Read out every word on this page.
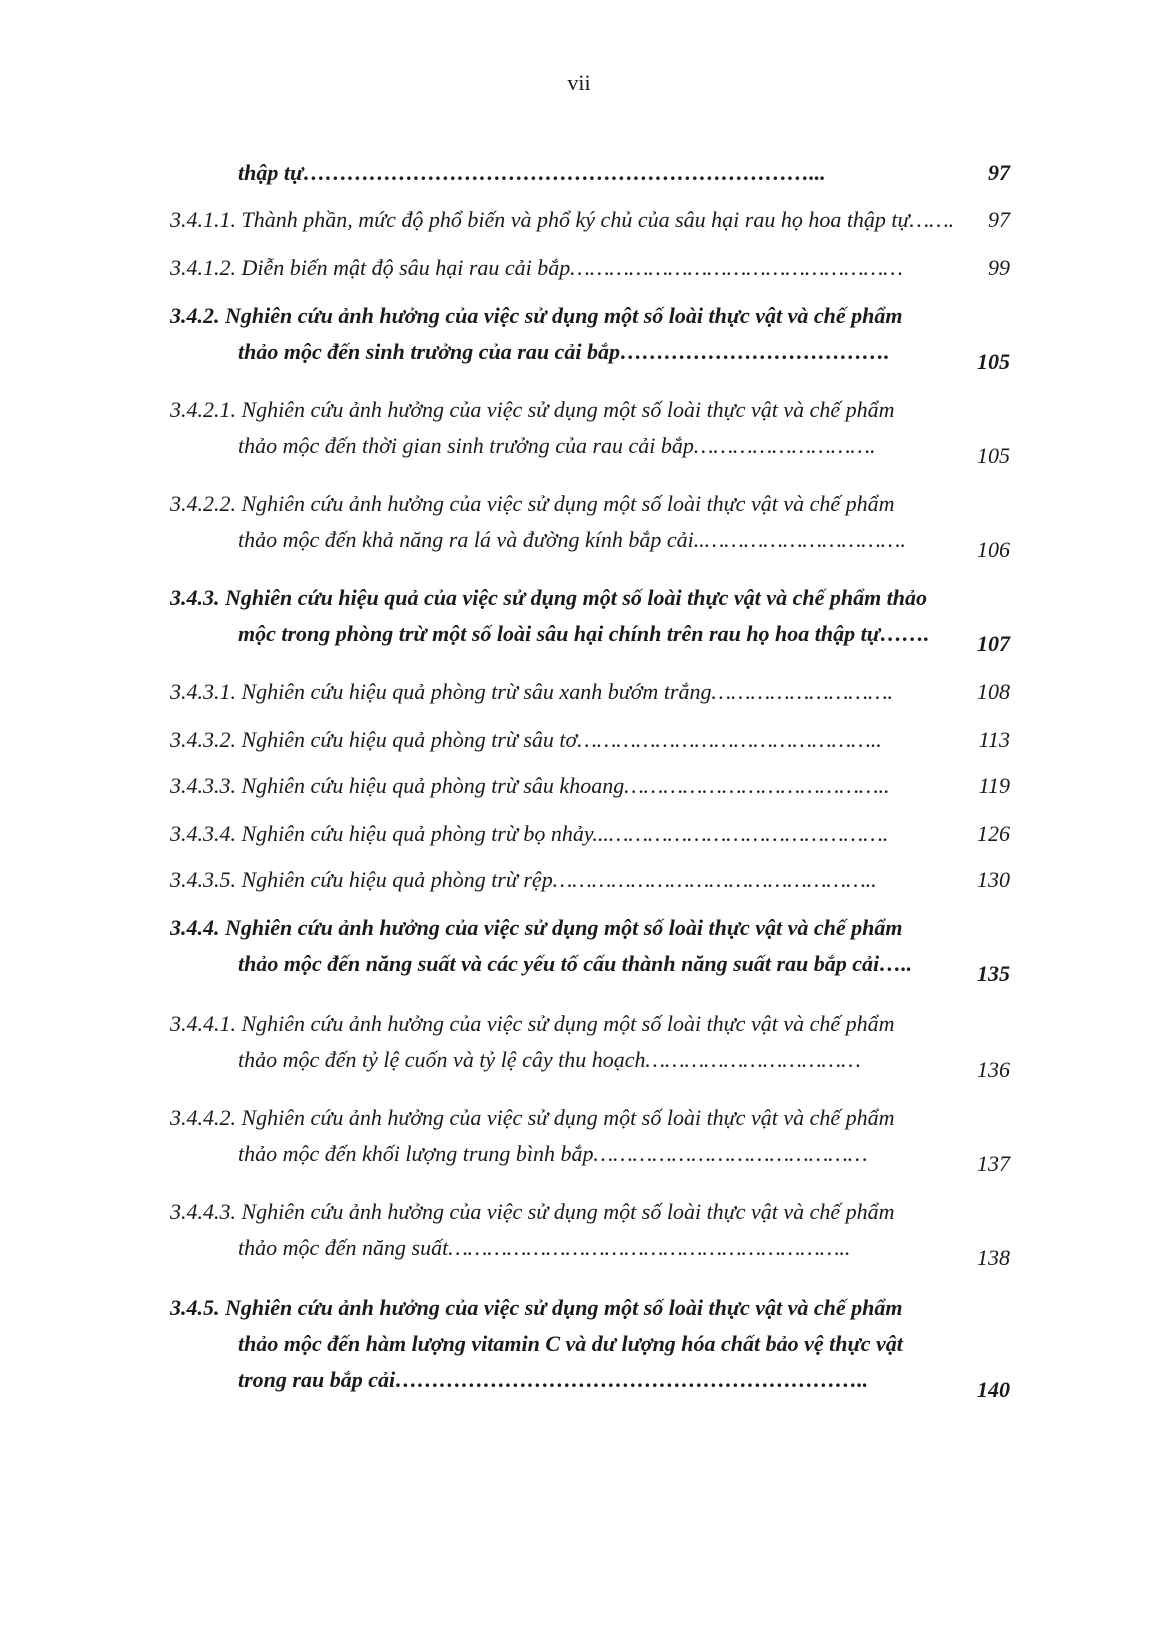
vii
thập tự……………………………………………………………...	97
3.4.1.1. Thành phần, mức độ phổ biến và phổ ký chủ của sâu hại rau họ hoa thập tự…….	97
3.4.1.2. Diễn biến mật độ sâu hại rau cải bắp……………………………………………	99
3.4.2. Nghiên cứu ảnh hưởng của việc sử dụng một số loài thực vật và chế phẩm
thảo mộc đến sinh trưởng của rau cải bắp……………………………….	105
3.4.2.1. Nghiên cứu ảnh hưởng của việc sử dụng một số loài thực vật và chế phẩm
thảo mộc đến thời gian sinh trưởng của rau cải bắp……………………….	105
3.4.2.2. Nghiên cứu ảnh hưởng của việc sử dụng một số loài thực vật và chế phẩm
thảo mộc đến khả năng ra lá và đường kính bắp cải..………………………….	106
3.4.3. Nghiên cứu hiệu quả của việc sử dụng một số loài thực vật và chế phẩm thảo
mộc trong phòng trừ một số loài sâu hại chính trên rau họ hoa thập tự…….	107
3.4.3.1. Nghiên cứu hiệu quả phòng trừ sâu xanh bướm trắng……………………….	108
3.4.3.2. Nghiên cứu hiệu quả phòng trừ sâu tơ………………………………………..	113
3.4.3.3. Nghiên cứu hiệu quả phòng trừ sâu khoang…………………………………..	119
3.4.3.4. Nghiên cứu hiệu quả phòng trừ bọ nhảy...…………………………………….	126
3.4.3.5. Nghiên cứu hiệu quả phòng trừ rệp…………………………………………..	130
3.4.4. Nghiên cứu ảnh hưởng của việc sử dụng một số loài thực vật và chế phẩm
thảo mộc đến năng suất và các yếu tố cấu thành năng suất rau bắp cải…..	135
3.4.4.1. Nghiên cứu ảnh hưởng của việc sử dụng một số loài thực vật và chế phẩm
thảo mộc đến tỷ lệ cuốn và tỷ lệ cây thu hoạch……………………………	136
3.4.4.2. Nghiên cứu ảnh hưởng của việc sử dụng một số loài thực vật và chế phẩm
thảo mộc đến khối lượng trung bình bắp……………………………………	137
3.4.4.3. Nghiên cứu ảnh hưởng của việc sử dụng một số loài thực vật và chế phẩm
thảo mộc đến năng suất……………………………………………………..	138
3.4.5. Nghiên cứu ảnh hưởng của việc sử dụng một số loài thực vật và chế phẩm
thảo mộc đến hàm lượng vitamin C và dư lượng hóa chất bảo vệ thực vật
trong rau bắp cải………………………………………………………..	140
